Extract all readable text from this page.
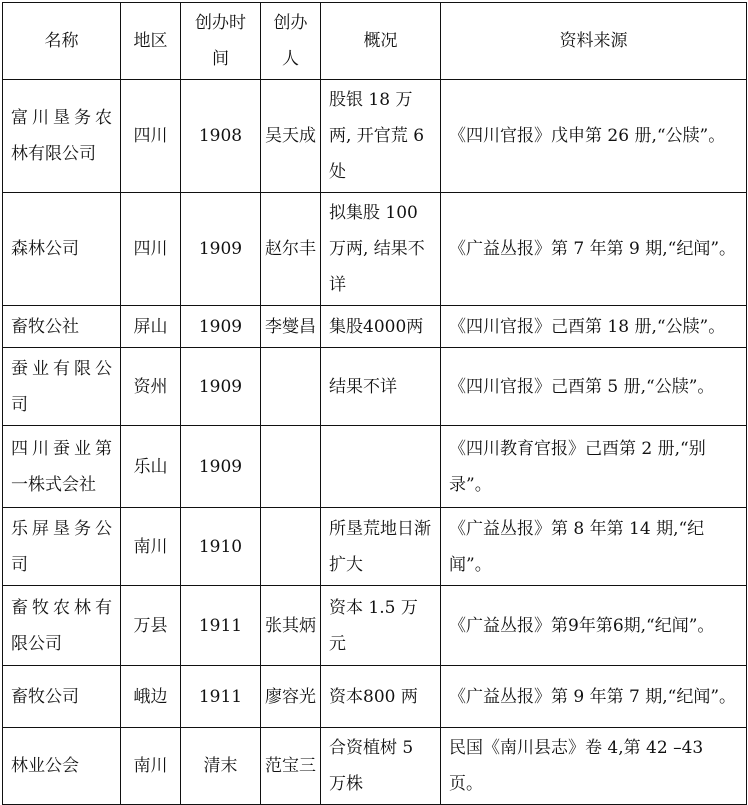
名称	地区	创办时间	创办人	概况	资料来源
富川垦务农林有限公司	四川	1908	吴天成	股银 18 万两, 开官荒 6 处	《四川官报》戊申第 26 册,“公牍”。
森林公司	四川	1909	赵尔丰	拟集股 100 万两, 结果不详	《广益丛报》第 7 年第 9 期,“纪闻”。
畜牧公社	屏山	1909	李燮昌	集股4000两	《四川官报》己酉第 18 册,“公牍”。
蚕业有限公司	资州	1909		结果不详	《四川官报》己酉第 5 册,“公牍”。
四川蚕业第一株式会社	乐山	1909			《四川教育官报》己酉第 2 册,“别录”。
乐屏垦务公司	南川	1910		所垦荒地日渐扩大	《广益丛报》第 8 年第 14 期,“纪闻”。
畜牧农林有限公司	万县	1911	张其炳	资本 1.5 万元	《广益丛报》第9年第6期,“纪闻”。
畜牧公司	峨边	1911	廖容光	资本800 两	《广益丛报》第 9 年第 7 期,“纪闻”。
林业公会	南川	清末	范宝三	合资植树 5 万株	民国《南川县志》卷 4,第 42 –43 页。
